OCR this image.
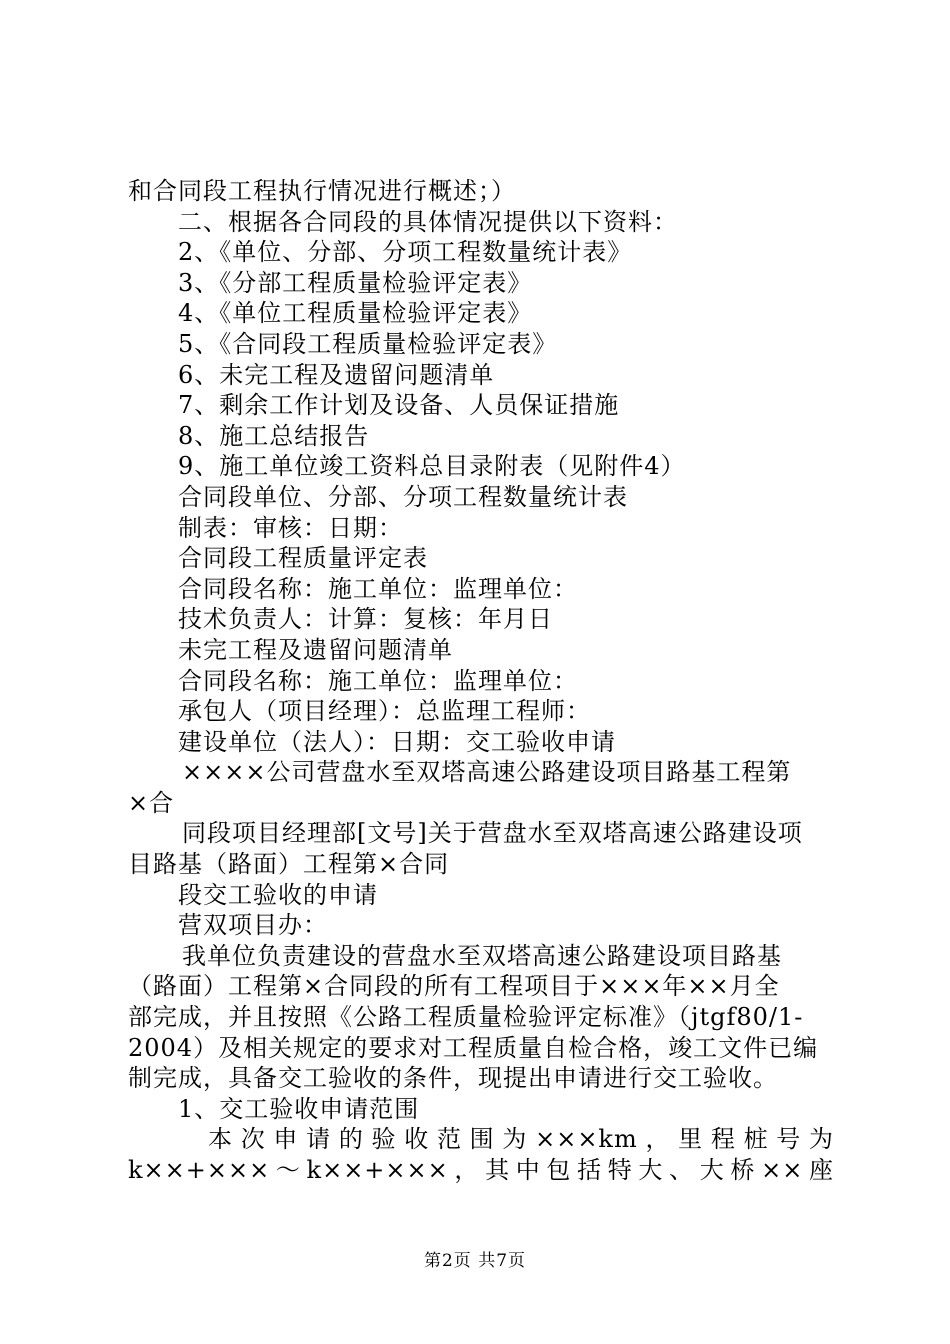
和合同段工程执行情况进行概述；）
二、根据各合同段的具体情况提供以下资料：
2、《单位、分部、分项工程数量统计表》
3、《分部工程质量检验评定表》
4、《单位工程质量检验评定表》
5、《合同段工程质量检验评定表》
6、未完工程及遗留问题清单
7、剩余工作计划及设备、人员保证措施
8、施工总结报告
9、施工单位竣工资料总目录附表（见附件4）
合同段单位、分部、分项工程数量统计表
制表：审核：日期：
合同段工程质量评定表
合同段名称：施工单位：监理单位：
技术负责人：计算：复核：年月日
未完工程及遗留问题清单
合同段名称：施工单位：监理单位：
承包人（项目经理）：总监理工程师：
建设单位（法人）：日期：交工验收申请
××××公司营盘水至双塔高速公路建设项目路基工程第
×合
同段项目经理部[文号]关于营盘水至双塔高速公路建设项
目路基（路面）工程第×合同
段交工验收的申请
营双项目办：
我单位负责建设的营盘水至双塔高速公路建设项目路基
（路面）工程第×合同段的所有工程项目于×××年××月全
部完成，并且按照《公路工程质量检验评定标准》（jtgf80/1-
2004）及相关规定的要求对工程质量自检合格，竣工文件已编
制完成，具备交工验收的条件，现提出申请进行交工验收。
1、交工验收申请范围
本次申请的验收范围为×××km，里程桩号为
k××+×××～k××+×××，其中包括特大、大桥××座
第2页 共7页
